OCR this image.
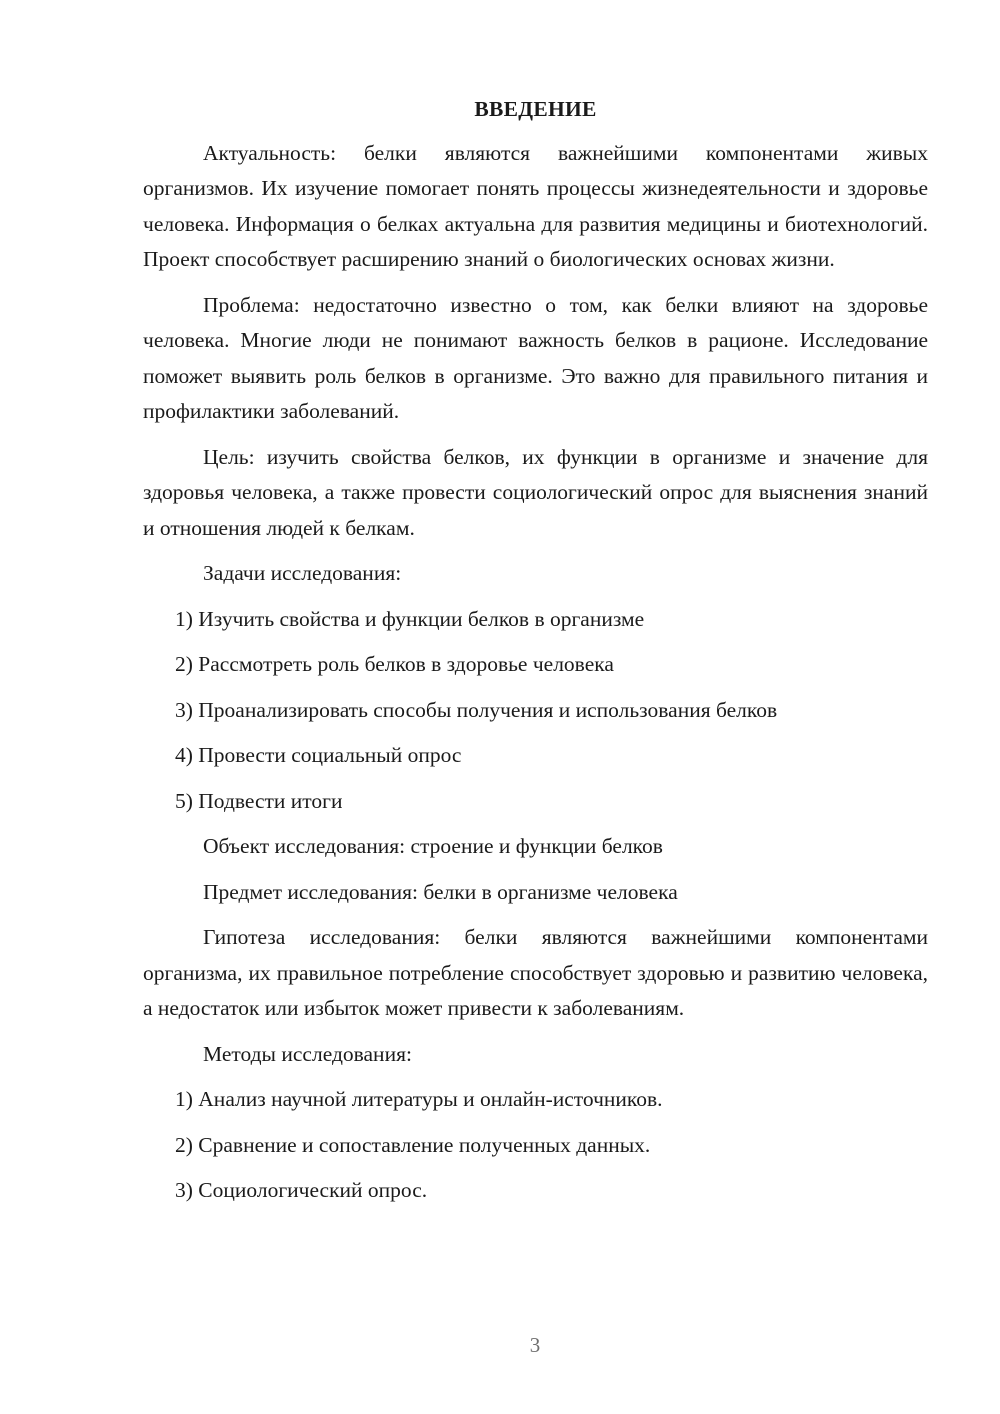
ВВЕДЕНИЕ

Актуальность: белки являются важнейшими компонентами живых организмов. Их изучение помогает понять процессы жизнедеятельности и здоровье человека. Информация о белках актуальна для развития медицины и биотехнологий. Проект способствует расширению знаний о биологических основах жизни.

Проблема: недостаточно известно о том, как белки влияют на здоровье человека. Многие люди не понимают важность белков в рационе. Исследование поможет выявить роль белков в организме. Это важно для правильного питания и профилактики заболеваний.

Цель: изучить свойства белков, их функции в организме и значение для здоровья человека, а также провести социологический опрос для выяснения знаний и отношения людей к белкам.

Задачи исследования:

1) Изучить свойства и функции белков в организме

2) Рассмотреть роль белков в здоровье человека

3) Проанализировать способы получения и использования белков

4) Провести социальный опрос

5) Подвести итоги

Объект исследования: строение и функции белков

Предмет исследования: белки в организме человека

Гипотеза исследования: белки являются важнейшими компонентами организма, их правильное потребление способствует здоровью и развитию человека, а недостаток или избыток может привести к заболеваниям.

Методы исследования:

1) Анализ научной литературы и онлайн-источников.

2) Сравнение и сопоставление полученных данных.

3) Социологический опрос.

3
